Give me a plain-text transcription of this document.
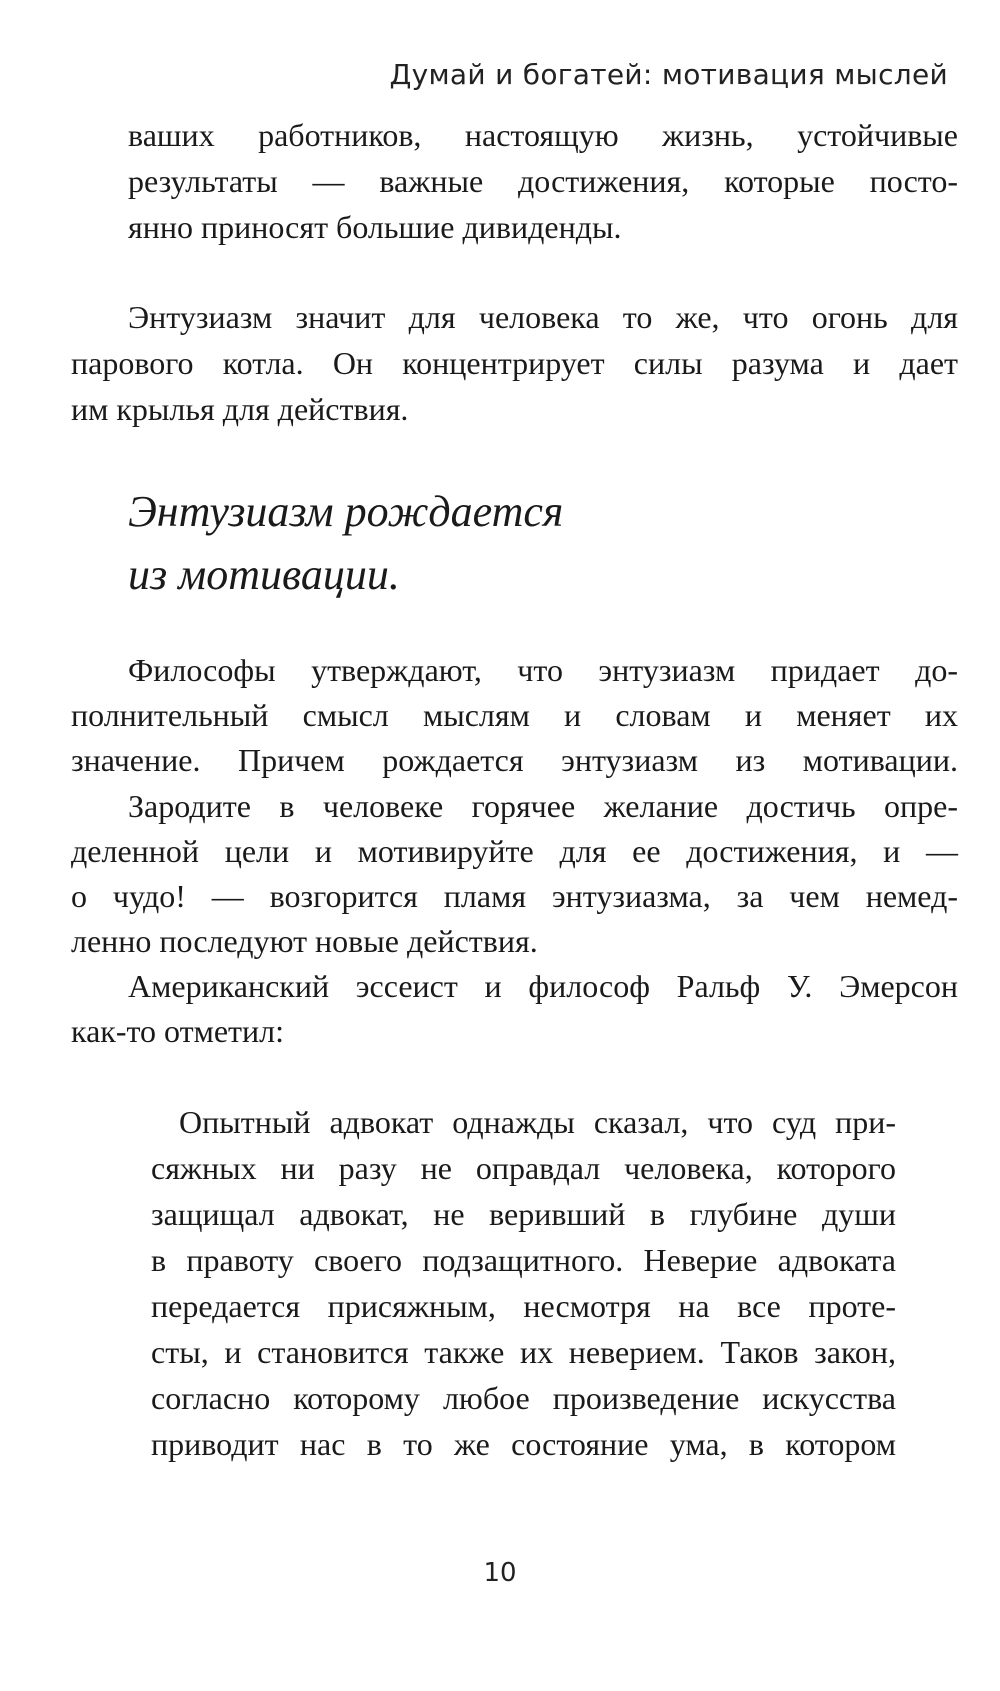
Думай и богатей: мотивация мыслей
ваших работников, настоящую жизнь, устойчивые
результаты — важные достижения, которые посто-
янно приносят большие дивиденды.
Энтузиазм значит для человека то же, что огонь для
парового котла. Он концентрирует силы разума и дает
им крылья для действия.
Энтузиазм рождается
из мотивации.
Философы утверждают, что энтузиазм придает до-
полнительный смысл мыслям и словам и меняет их
значение. Причем рождается энтузиазм из мотивации.
Зародите в человеке горячее желание достичь опре-
деленной цели и мотивируйте для ее достижения, и —
о чудо! — возгорится пламя энтузиазма, за чем немед-
ленно последуют новые действия.
Американский эссеист и философ Ральф У. Эмерсон
как-то отметил:
Опытный адвокат однажды сказал, что суд при-
сяжных ни разу не оправдал человека, которого
защищал адвокат, не веривший в глубине души
в правоту своего подзащитного. Неверие адвоката
передается присяжным, несмотря на все проте-
сты, и становится также их неверием. Таков закон,
согласно которому любое произведение искусства
приводит нас в то же состояние ума, в котором
10
